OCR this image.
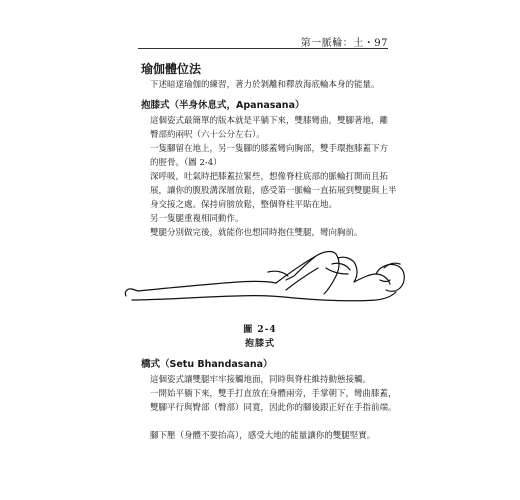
第一脈輪：土・97
瑜伽體位法
下述暗達瑜伽的練習，著力於剝離和釋放海底輪本身的能量。
抱膝式（半身休息式，Apanasana）
這個姿式最簡單的版本就是平躺下來，雙膝彎曲，雙腳著地，離
臀部約兩呎（六十公分左右）。
一隻腳留在地上，另一隻腳的膝蓋彎向胸部，雙手環抱膝蓋下方
的脛骨。（圖 2-4）
深呼吸，吐氣時把膝蓋拉緊些，想像脊柱底部的脈輪打開而且拓
展，讓你的腹股溝深層放鬆，感受第一脈輪一直拓展到雙腿與上半
身交接之處。保持肩膀放鬆，整個脊柱平貼在地。
另一隻腿重複相同動作。
雙腿分別做完後，就能你也想同時抱住雙腿，彎向胸前。
圖 2-4
抱膝式
橋式（Setu Bhandasana）
這個姿式讓雙腿牢牢接觸地面，同時與脊柱維持動態接觸。
一開始平躺下來，雙手打直放在身體兩旁，手掌朝下，彎曲膝蓋，
雙腳平行與臀部（臀部）同寬，因此你的腳後跟正好在手指前端。
腳下壓（身體不要抬高），感受大地的能量讓你的雙腿堅實。
